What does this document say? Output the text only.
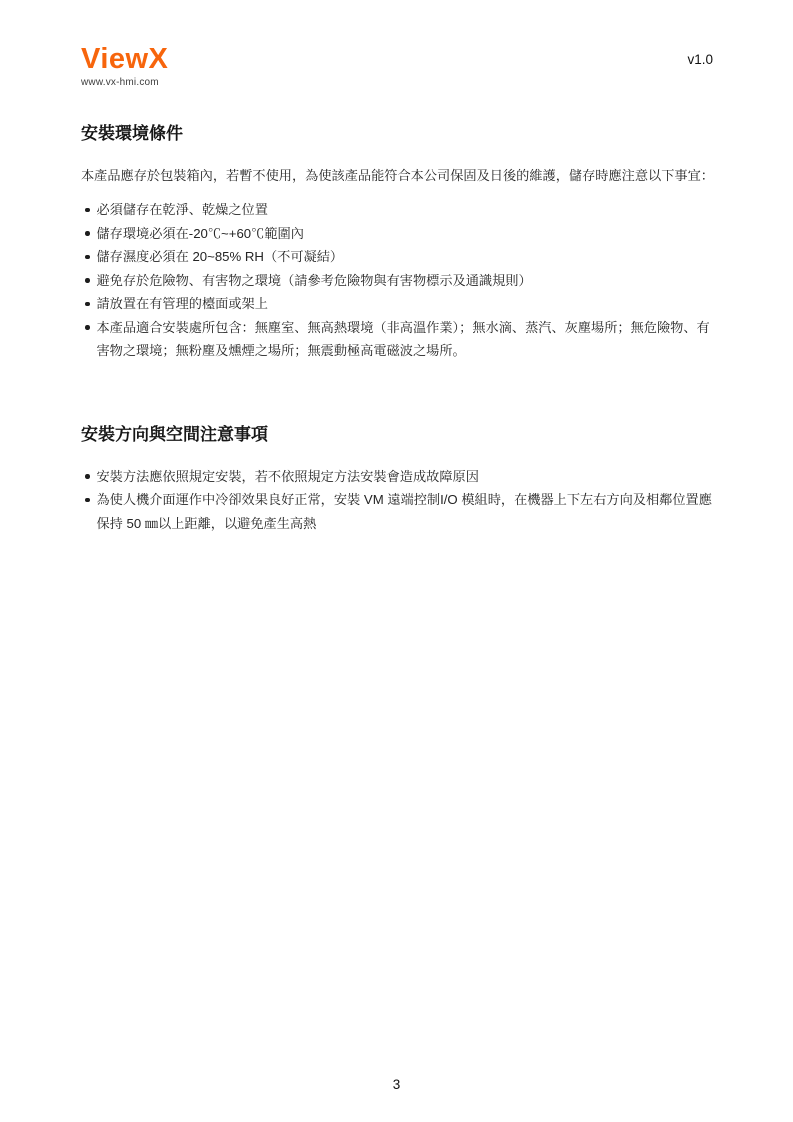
ViewX
www.vx-hmi.com
v1.0
安裝環境條件

本產品應存於包裝箱內，若暫不使用，為使該產品能符合本公司保固及日後的維護，儲存時應注意以下事宜：

必須儲存在乾淨、乾燥之位置
儲存環境必須在-20℃~+60℃範圍內
儲存濕度必須在 20~85% RH（不可凝結）
避免存於危險物、有害物之環境（請參考危險物與有害物標示及通識規則）
請放置在有管理的檯面或架上
本產品適合安裝處所包含：無塵室、無高熱環境（非高溫作業）；無水滴、蒸汽、灰塵場所；無危險物、有害物之環境；無粉塵及燻煙之場所；無震動極高電磁波之場所。
安裝方向與空間注意事項
安裝方法應依照規定安裝，若不依照規定方法安裝會造成故障原因
為使人機介面運作中冷卻效果良好正常，安裝 VM 遠端控制I/O 模組時，在機器上下左右方向及相鄰位置應保持 50 ㎜以上距離，以避免產生高熱
3
